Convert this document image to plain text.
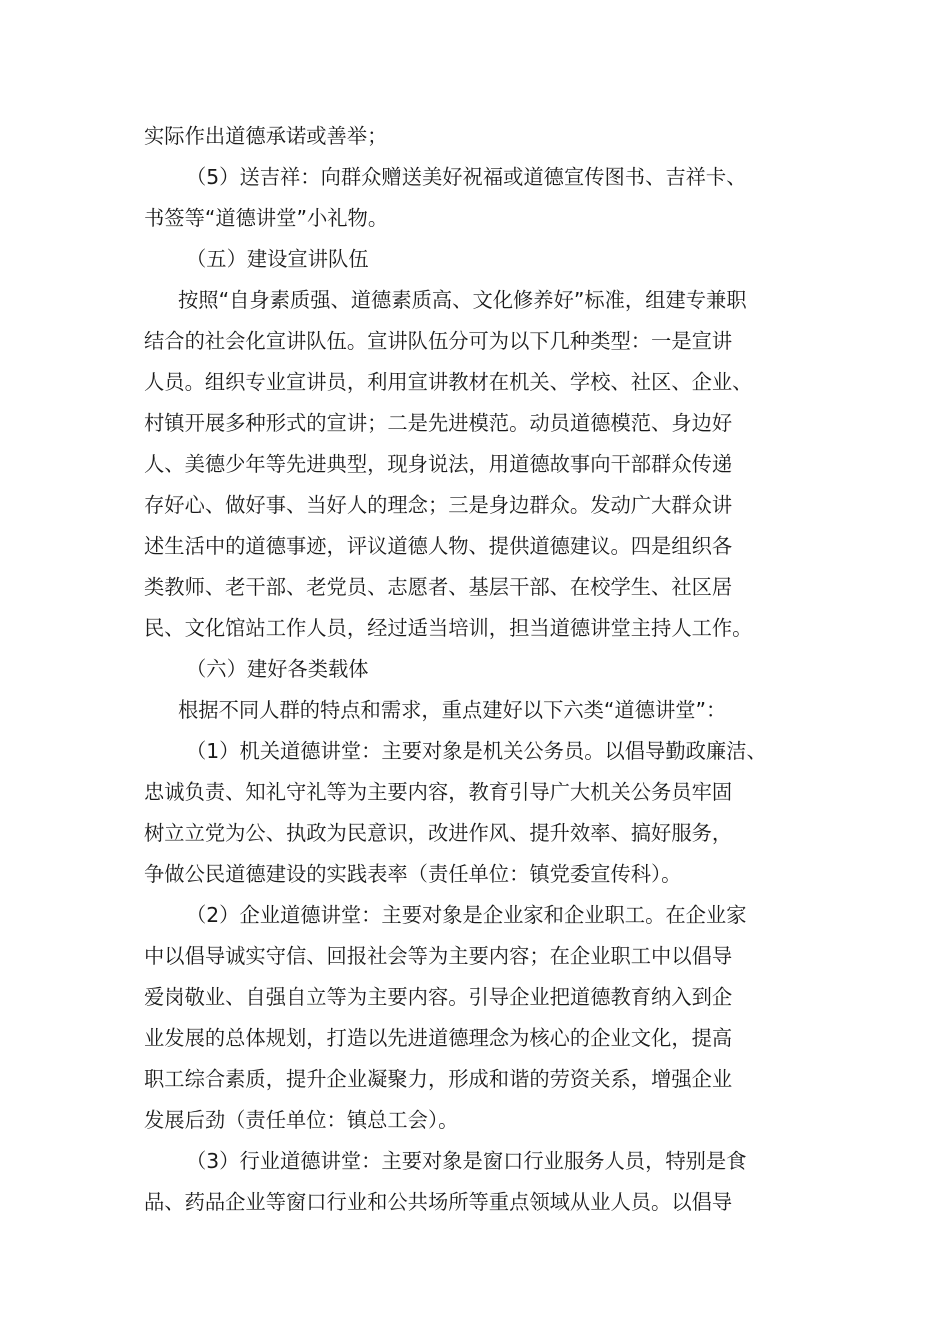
实际作出道德承诺或善举；
（5）送吉祥：向群众赠送美好祝福或道德宣传图书、吉祥卡、
书签等“道德讲堂”小礼物。
（五）建设宣讲队伍
按照“自身素质强、道德素质高、文化修养好”标准，组建专兼职
结合的社会化宣讲队伍。宣讲队伍分可为以下几种类型：一是宣讲
人员。组织专业宣讲员，利用宣讲教材在机关、学校、社区、企业、
村镇开展多种形式的宣讲；二是先进模范。动员道德模范、身边好
人、美德少年等先进典型，现身说法，用道德故事向干部群众传递
存好心、做好事、当好人的理念；三是身边群众。发动广大群众讲
述生活中的道德事迹，评议道德人物、提供道德建议。四是组织各
类教师、老干部、老党员、志愿者、基层干部、在校学生、社区居
民、文化馆站工作人员，经过适当培训，担当道德讲堂主持人工作。
（六）建好各类载体
根据不同人群的特点和需求，重点建好以下六类“道德讲堂”：
（1）机关道德讲堂：主要对象是机关公务员。以倡导勤政廉洁、
忠诚负责、知礼守礼等为主要内容，教育引导广大机关公务员牢固
树立立党为公、执政为民意识，改进作风、提升效率、搞好服务，
争做公民道德建设的实践表率（责任单位：镇党委宣传科）。
（2）企业道德讲堂：主要对象是企业家和企业职工。在企业家
中以倡导诚实守信、回报社会等为主要内容；在企业职工中以倡导
爱岗敬业、自强自立等为主要内容。引导企业把道德教育纳入到企
业发展的总体规划，打造以先进道德理念为核心的企业文化，提高
职工综合素质，提升企业凝聚力，形成和谐的劳资关系，增强企业
发展后劲（责任单位：镇总工会）。
（3）行业道德讲堂：主要对象是窗口行业服务人员，特别是食
品、药品企业等窗口行业和公共场所等重点领域从业人员。以倡导
